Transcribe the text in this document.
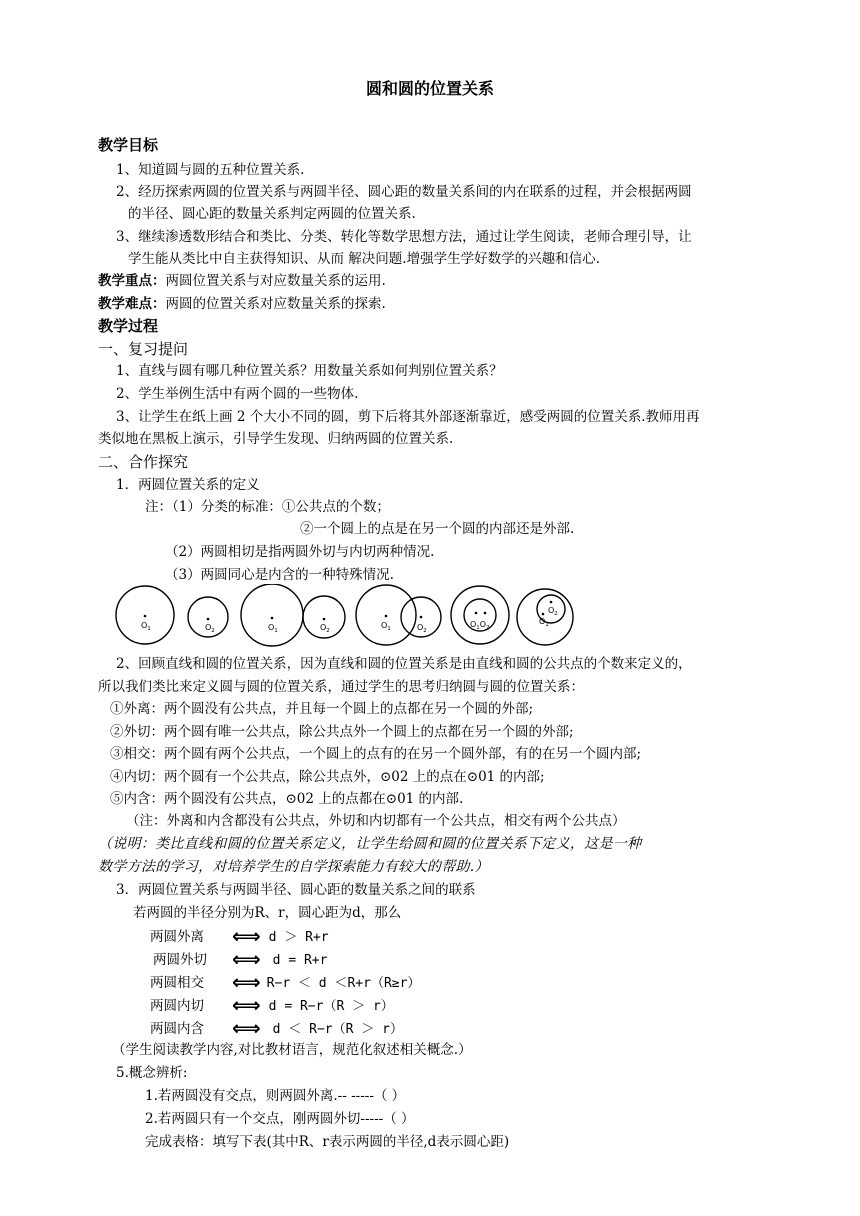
圆和圆的位置关系
教学目标
1、知道圆与圆的五种位置关系.
2、经历探索两圆的位置关系与两圆半径、圆心距的数量关系间的内在联系的过程，并会根据两圆
的半径、圆心距的数量关系判定两圆的位置关系.
3、继续渗透数形结合和类比、分类、转化等数学思想方法，通过让学生阅读，老师合理引导，让
学生能从类比中自主获得知识、从而 解决问题.增强学生学好数学的兴趣和信心.
教学重点：两圆位置关系与对应数量关系的运用.
教学难点：两圆的位置关系对应数量关系的探索.
教学过程
一、复习提问
1、直线与圆有哪几种位置关系？用数量关系如何判别位置关系？
2、学生举例生活中有两个圆的一些物体.
3、让学生在纸上画 2 个大小不同的圆，剪下后将其外部逐渐靠近，感受两圆的位置关系.教师用再
类似地在黑板上演示，引导学生发现、归纳两圆的位置关系.
二、合作探究
1．两圆位置关系的定义
注：（1）分类的标准：①公共点的个数；
②一个圆上的点是在另一个圆的内部还是外部.
（2）两圆相切是指两圆外切与内切两种情况.
（3）两圆同心是内含的一种特殊情况.
$O_1$	$O_2$	$O_1$	$O_2$
$O_1$	$O_2$
$O_1O_2$
$O_2$
$O_1$
2、回顾直线和圆的位置关系，因为直线和圆的位置关系是由直线和圆的公共点的个数来定义的，
所以我们类比来定义圆与圆的位置关系，通过学生的思考归纳圆与圆的位置关系：
①外离：两个圆没有公共点，并且每一个圆上的点都在另一个圆的外部;
②外切：两个圆有唯一公共点，除公共点外一个圆上的点都在另一个圆的外部;
③相交：两个圆有两个公共点，一个圆上的点有的在另一个圆外部，有的在另一个圆内部;
④内切：两个圆有一个公共点，除公共点外，⊙02 上的点在⊙01 的内部;
⑤内含：两个圆没有公共点，⊙02 上的点都在⊙01 的内部.
（注：外离和内含都没有公共点，外切和内切都有一个公共点，相交有两个公共点）
（说明：类比直线和圆的位置关系定义，让学生给圆和圆的位置关系下定义，这是一种
数学方法的学习，对培养学生的自学探索能力有较大的帮助.）
3．两圆位置关系与两圆半径、圆心距的数量关系之间的联系
若两圆的半径分别为R、r，圆心距为d，那么
两圆外离 ⟺ d ＞ R+r
两圆外切 ⟺ d = R+r
两圆相交 ⟺ R−r ＜ d ＜R+r（R≥r）
两圆内切 ⟺ d = R−r（R ＞ r）
两圆内含 ⟺ d ＜ R−r（R ＞ r）
（学生阅读教学内容,对比教材语言，规范化叙述相关概念.）
5.概念辨析:
1.若两圆没有交点，则两圆外离.-- -----（ ）
2.若两圆只有一个交点，刚两圆外切-----（ ）
完成表格：填写下表(其中R、r表示两圆的半径,d表示圆心距)
